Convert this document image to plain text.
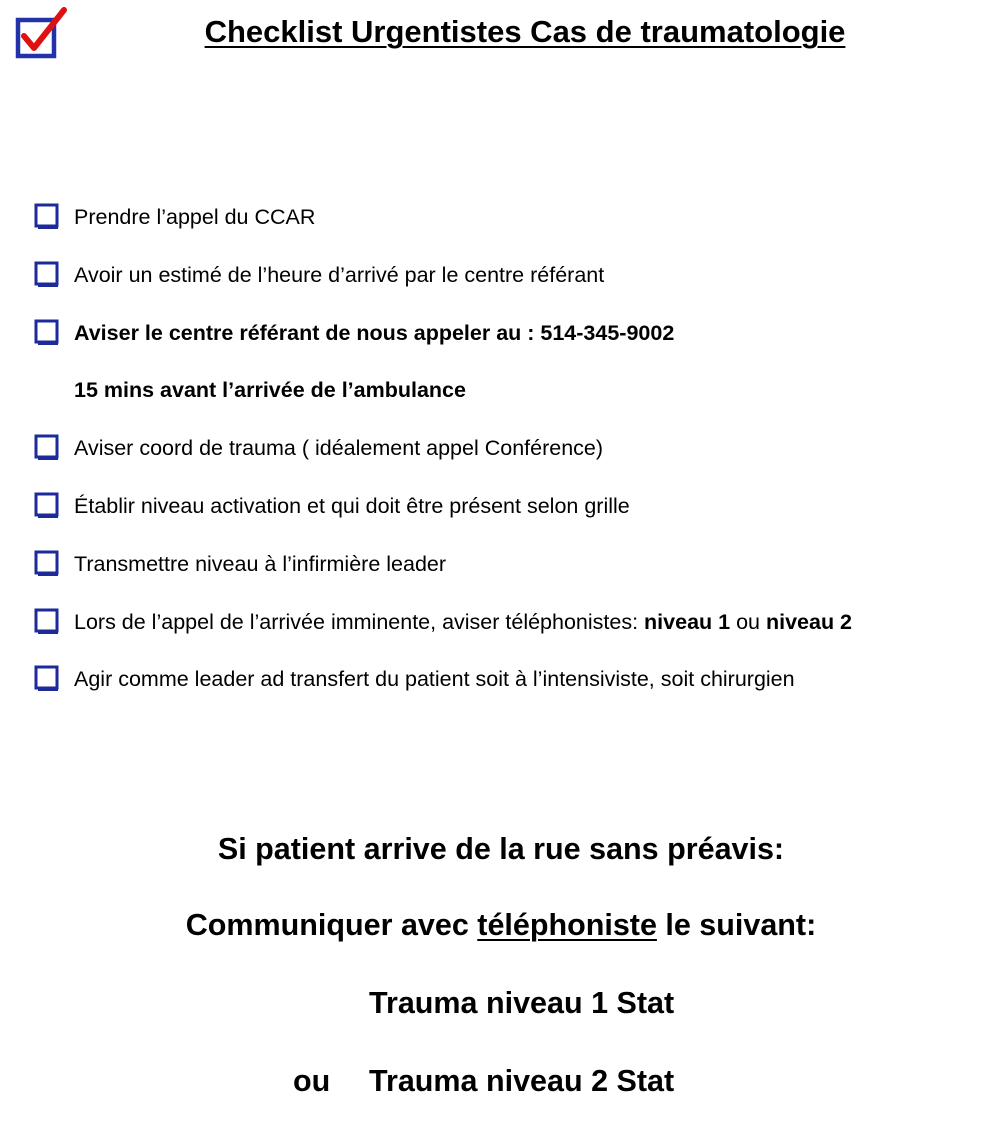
Checklist Urgentistes Cas de traumatologie
Prendre l’appel du CCAR
Avoir un estimé de l’heure d’arrivé par le centre référant
Aviser le centre référant de nous appeler au : 514-345-9002
15 mins avant l’arrivée de l’ambulance
Aviser coord de trauma ( idéalement appel Conférence)
Établir niveau activation et qui doit être présent selon grille
Transmettre niveau à l’infirmière leader
Lors de l’appel de l’arrivée imminente, aviser téléphonistes: niveau 1 ou niveau 2
Agir comme leader ad transfert du patient soit à l’intensiviste, soit chirurgien

Si patient arrive de la rue sans préavis:

Communiquer avec téléphoniste le suivant:

Trauma niveau 1 Stat

ou Trauma niveau 2 Stat
